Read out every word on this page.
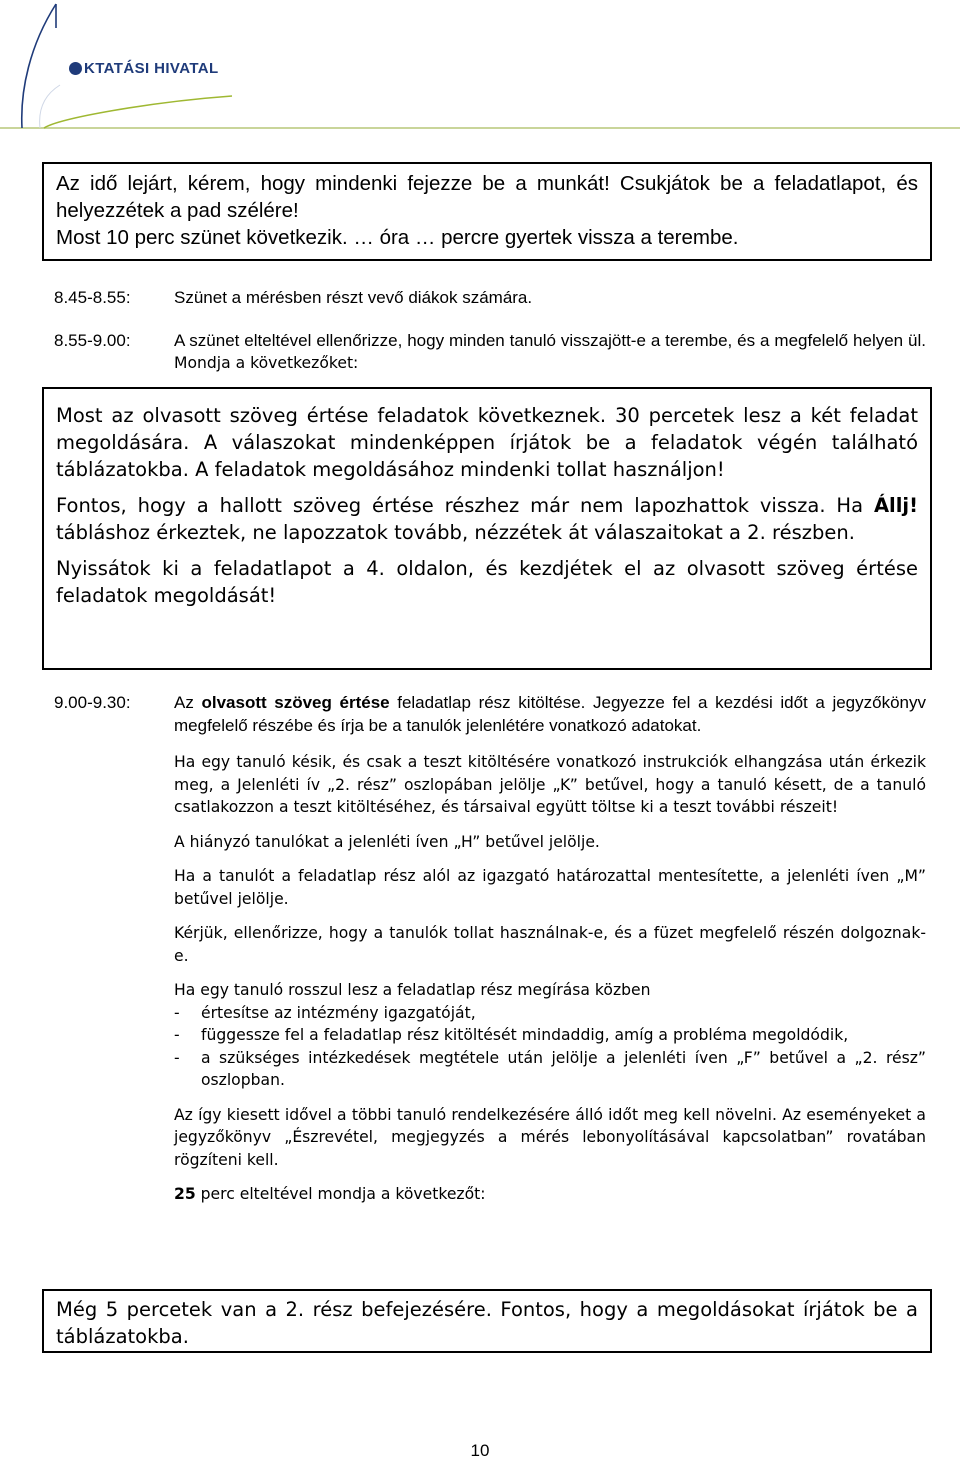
KTATÁSI HIVATAL

Az idő lejárt, kérem, hogy mindenki fejezze be a munkát! Csukjátok be a feladatlapot, és helyezzétek a pad szélére!

Most 10 perc szünet következik. … óra … percre gyertek vissza a terembe.

8.45-8.55:	Szünet a mérésben részt vevő diákok számára.
8.55-9.00:	A szünet elteltével ellenőrizze, hogy minden tanuló visszajött-e a terembe, és a megfelelő helyen ül. Mondja a következőket:

Most az olvasott szöveg értése feladatok következnek. 30 percetek lesz a két feladat megoldására. A válaszokat mindenképpen írjátok be a feladatok végén található táblázatokba. A feladatok megoldásához mindenki tollat használjon!

Fontos, hogy a hallott szöveg értése részhez már nem lapozhattok vissza. Ha Állj! tábláshoz érkeztek, ne lapozzatok tovább, nézzétek át válaszaitokat a 2. részben.

Nyissátok ki a feladatlapot a 4. oldalon, és kezdjétek el az olvasott szöveg értése feladatok megoldását!

9.00-9.30:	Az olvasott szöveg értése feladatlap rész kitöltése. Jegyezze fel a kezdési időt a jegyzőkönyv megfelelő részébe és írja be a tanulók jelenlétére vonatkozó adatokat.

Ha egy tanuló késik, és csak a teszt kitöltésére vonatkozó instrukciók elhangzása után érkezik meg, a Jelenléti ív „2. rész” oszlopában jelölje „K” betűvel, hogy a tanuló késett, de a tanuló csatlakozzon a teszt kitöltéséhez, és társaival együtt töltse ki a teszt további részeit!

A hiányzó tanulókat a jelenléti íven „H” betűvel jelölje.

Ha a tanulót a feladatlap rész alól az igazgató határozattal mentesítette, a jelenléti íven „M” betűvel jelölje.

Kérjük, ellenőrizze, hogy a tanulók tollat használnak-e, és a füzet megfelelő részén dolgoznak-e.

Ha egy tanuló rosszul lesz a feladatlap rész megírása közben

- értesítse az intézmény igazgatóját,
- függessze fel a feladatlap rész kitöltését mindaddig, amíg a probléma megoldódik,
- a szükséges intézkedések megtétele után jelölje a jelenléti íven „F” betűvel a „2. rész” oszlopban.

Az így kiesett idővel a többi tanuló rendelkezésére álló időt meg kell növelni. Az eseményeket a jegyzőkönyv „Észrevétel, megjegyzés a mérés lebonyolításával kapcsolatban” rovatában rögzíteni kell.

25 perc elteltével mondja a következőt:

Még 5 percetek van a 2. rész befejezésére. Fontos, hogy a megoldásokat írjátok be a táblázatokba.

10
